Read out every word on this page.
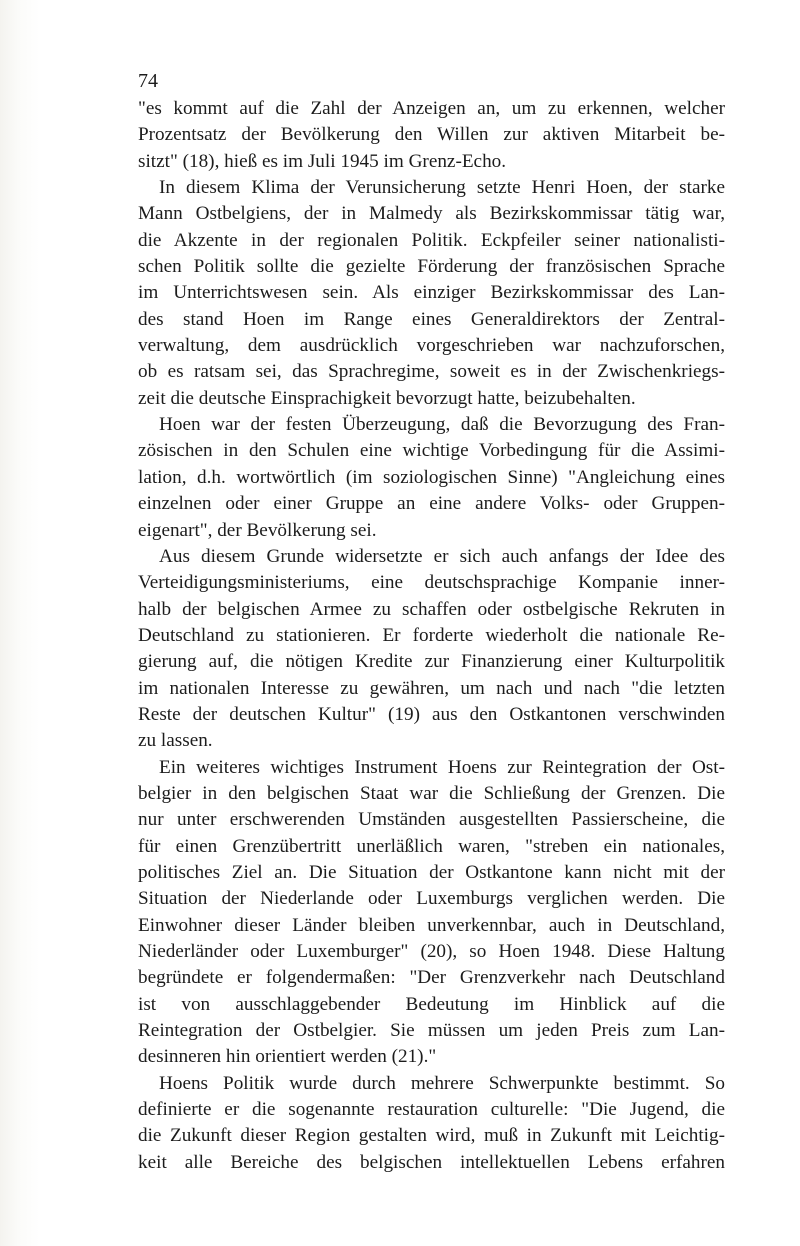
74
"es kommt auf die Zahl der Anzeigen an, um zu erkennen, welcher
Prozentsatz der Bevölkerung den Willen zur aktiven Mitarbeit be-
sitzt" (18), hieß es im Juli 1945 im Grenz-Echo.
In diesem Klima der Verunsicherung setzte Henri Hoen, der starke
Mann Ostbelgiens, der in Malmedy als Bezirkskommissar tätig war,
die Akzente in der regionalen Politik. Eckpfeiler seiner nationalisti-
schen Politik sollte die gezielte Förderung der französischen Sprache
im Unterrichtswesen sein. Als einziger Bezirkskommissar des Lan-
des stand Hoen im Range eines Generaldirektors der Zentral-
verwaltung, dem ausdrücklich vorgeschrieben war nachzuforschen,
ob es ratsam sei, das Sprachregime, soweit es in der Zwischenkriegs-
zeit die deutsche Einsprachigkeit bevorzugt hatte, beizubehalten.
Hoen war der festen Überzeugung, daß die Bevorzugung des Fran-
zösischen in den Schulen eine wichtige Vorbedingung für die Assimi-
lation, d.h. wortwörtlich (im soziologischen Sinne) "Angleichung eines
einzelnen oder einer Gruppe an eine andere Volks- oder Gruppen-
eigenart", der Bevölkerung sei.
Aus diesem Grunde widersetzte er sich auch anfangs der Idee des
Verteidigungsministeriums, eine deutschsprachige Kompanie inner-
halb der belgischen Armee zu schaffen oder ostbelgische Rekruten in
Deutschland zu stationieren. Er forderte wiederholt die nationale Re-
gierung auf, die nötigen Kredite zur Finanzierung einer Kulturpolitik
im nationalen Interesse zu gewähren, um nach und nach "die letzten
Reste der deutschen Kultur" (19) aus den Ostkantonen verschwinden
zu lassen.
Ein weiteres wichtiges Instrument Hoens zur Reintegration der Ost-
belgier in den belgischen Staat war die Schließung der Grenzen. Die
nur unter erschwerenden Umständen ausgestellten Passierscheine, die
für einen Grenzübertritt unerläßlich waren, "streben ein nationales,
politisches Ziel an. Die Situation der Ostkantone kann nicht mit der
Situation der Niederlande oder Luxemburgs verglichen werden. Die
Einwohner dieser Länder bleiben unverkennbar, auch in Deutschland,
Niederländer oder Luxemburger" (20), so Hoen 1948. Diese Haltung
begründete er folgendermaßen: "Der Grenzverkehr nach Deutschland
ist von ausschlaggebender Bedeutung im Hinblick auf die
Reintegration der Ostbelgier. Sie müssen um jeden Preis zum Lan-
desinneren hin orientiert werden (21)."
Hoens Politik wurde durch mehrere Schwerpunkte bestimmt. So
definierte er die sogenannte restauration culturelle: "Die Jugend, die
die Zukunft dieser Region gestalten wird, muß in Zukunft mit Leichtig-
keit alle Bereiche des belgischen intellektuellen Lebens erfahren
